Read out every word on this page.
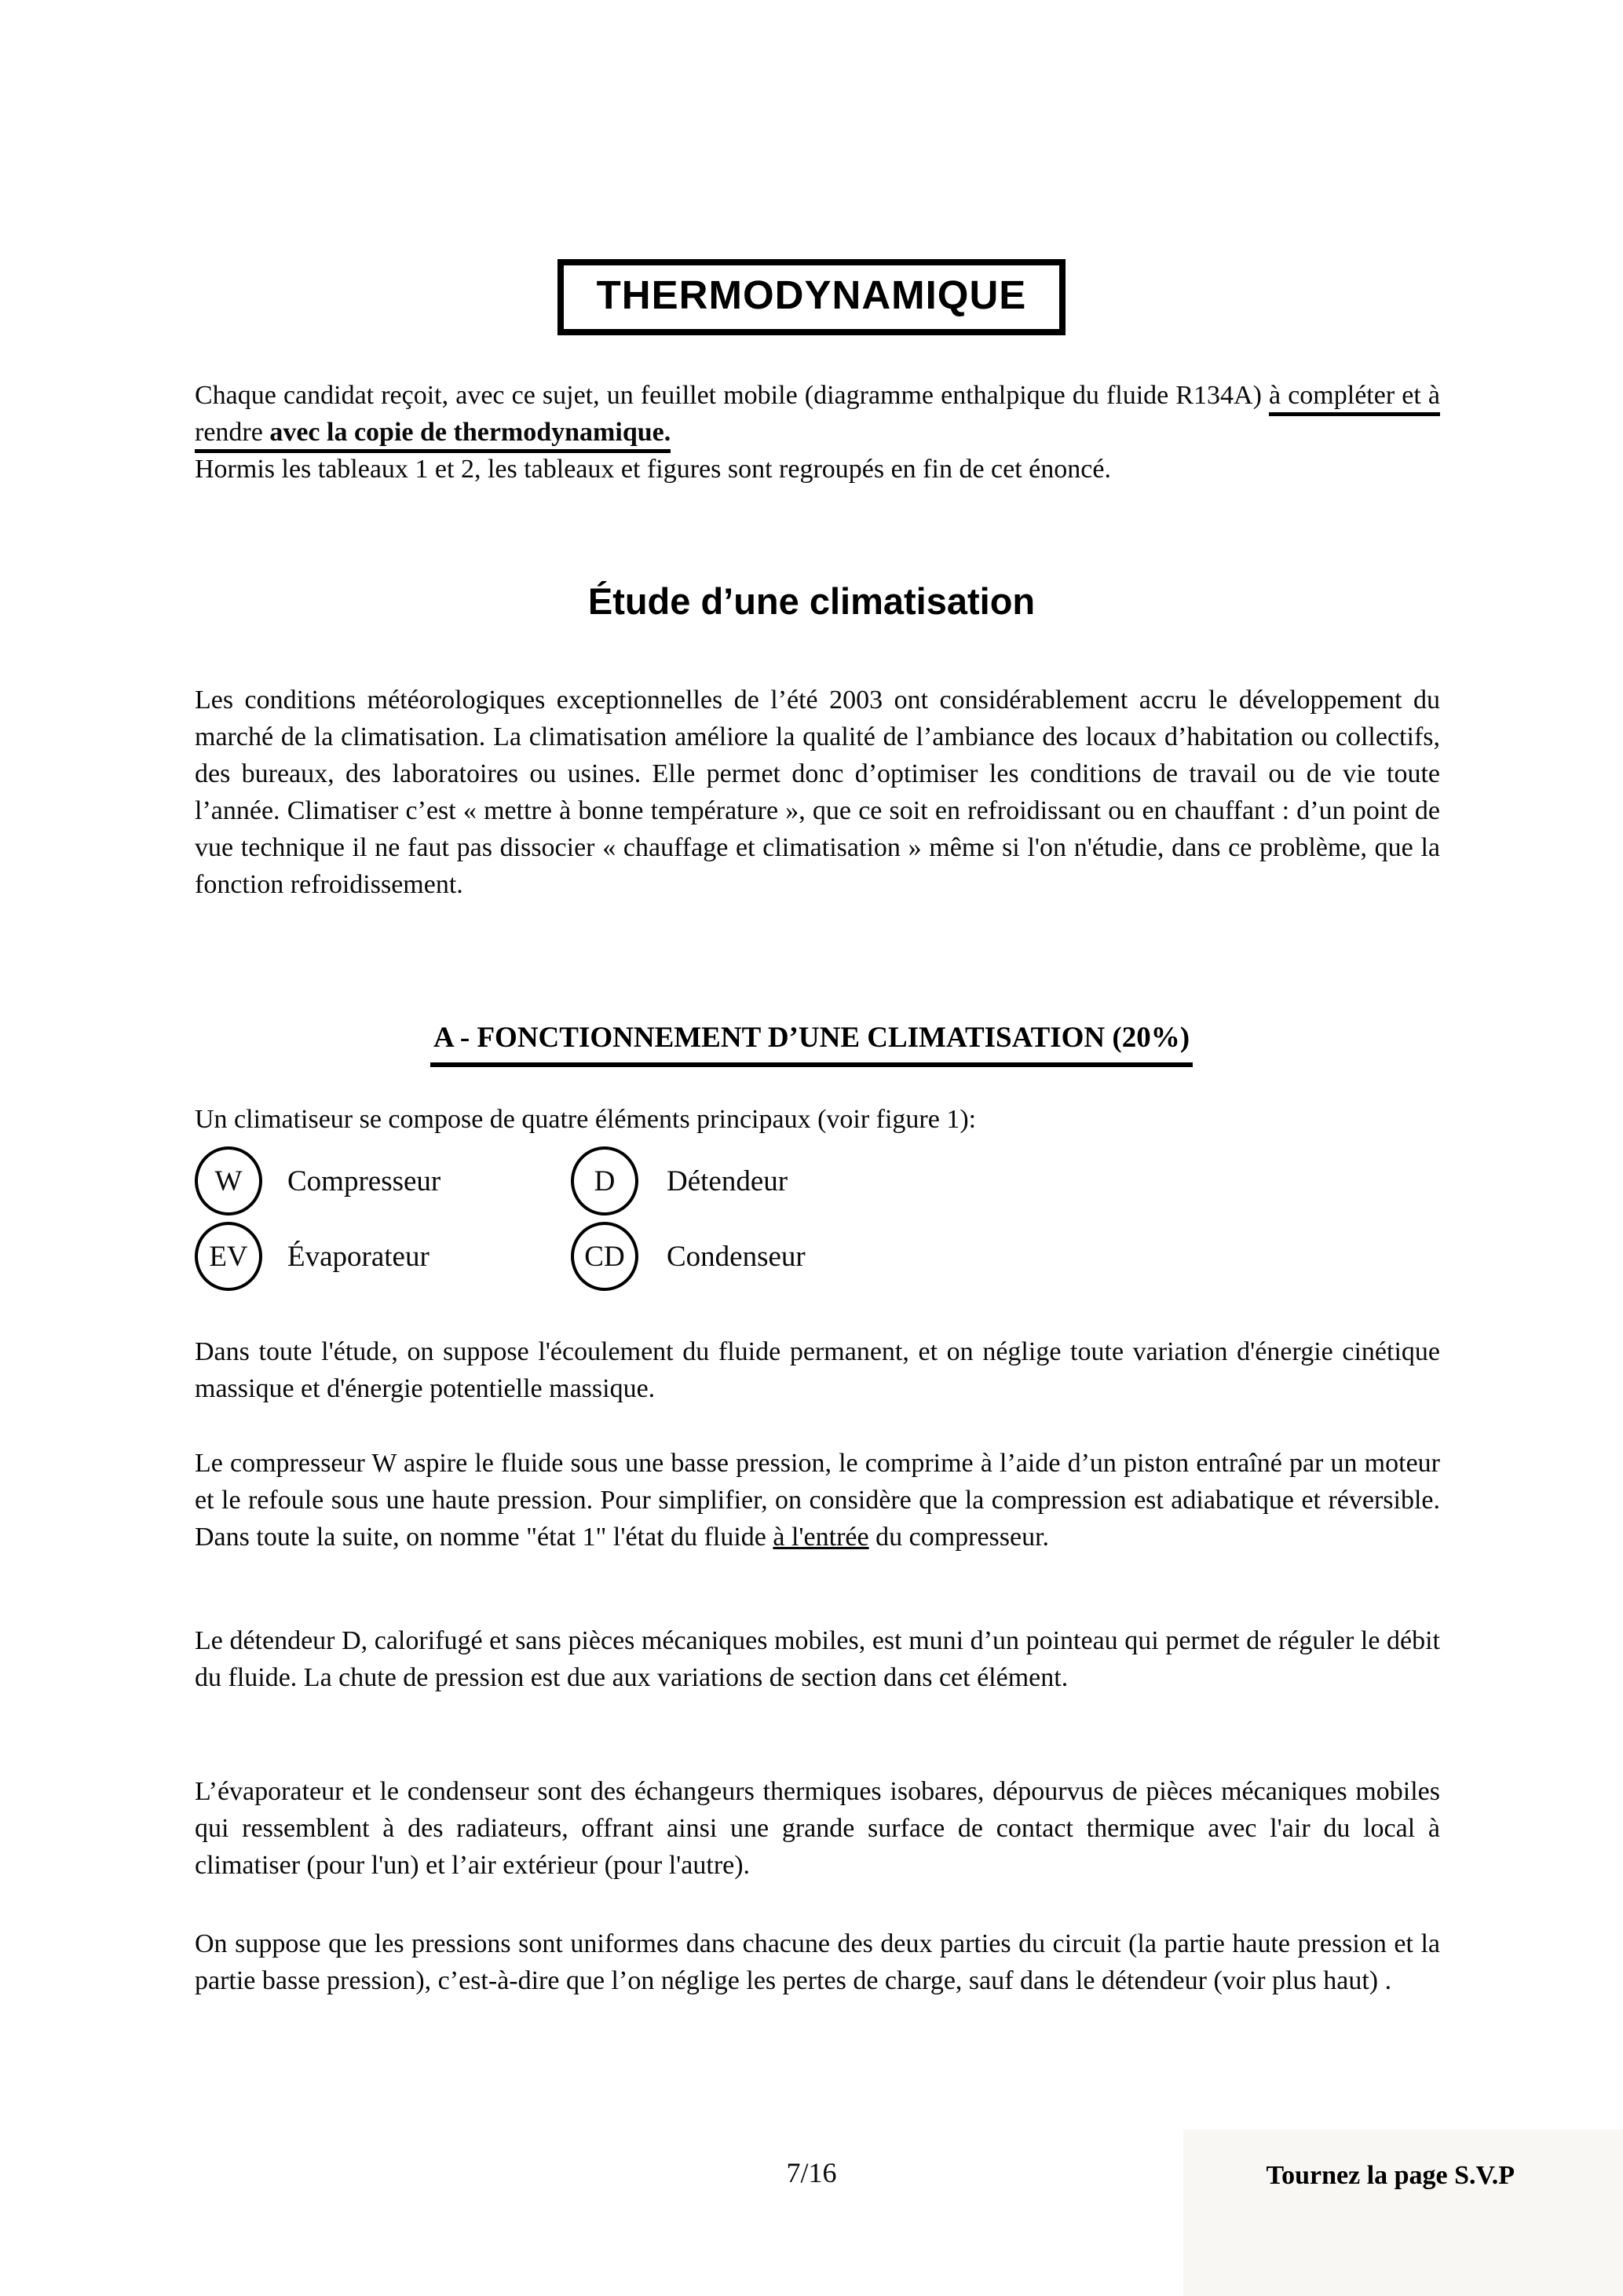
THERMODYNAMIQUE

Chaque candidat reçoit, avec ce sujet, un feuillet mobile (diagramme enthalpique du fluide R134A) à compléter et à rendre avec la copie de thermodynamique.
Hormis les tableaux 1 et 2, les tableaux et figures sont regroupés en fin de cet énoncé.

Étude d’une climatisation

Les conditions météorologiques exceptionnelles de l’été 2003 ont considérablement accru le développement du marché de la climatisation. La climatisation améliore la qualité de l’ambiance des locaux d’habitation ou collectifs, des bureaux, des laboratoires ou usines. Elle permet donc d’optimiser les conditions de travail ou de vie toute l’année. Climatiser c’est « mettre à bonne température », que ce soit en refroidissant ou en chauffant : d’un point de vue technique il ne faut pas dissocier « chauffage et climatisation » même si l'on n'étudie, dans ce problème, que la fonction refroidissement.

A - FONCTIONNEMENT D’UNE CLIMATISATION (20%)

Un climatiseur se compose de quatre éléments principaux (voir figure 1):

W	Compresseur	D	Détendeur
EV	Évaporateur	CD	Condenseur

Dans toute l'étude, on suppose l'écoulement du fluide permanent, et on néglige toute variation d'énergie cinétique massique et d'énergie potentielle massique.

Le compresseur W aspire le fluide sous une basse pression, le comprime à l’aide d’un piston entraîné par un moteur et le refoule sous une haute pression. Pour simplifier, on considère que la compression est adiabatique et réversible. Dans toute la suite, on nomme "état 1" l'état du fluide à l'entrée du compresseur.

Le détendeur D, calorifugé et sans pièces mécaniques mobiles, est muni d’un pointeau qui permet de réguler le débit du fluide. La chute de pression est due aux variations de section dans cet élément.

L’évaporateur et le condenseur sont des échangeurs thermiques isobares, dépourvus de pièces mécaniques mobiles qui ressemblent à des radiateurs, offrant ainsi une grande surface de contact thermique avec l'air du local à climatiser (pour l'un) et l’air extérieur (pour l'autre).

On suppose que les pressions sont uniformes dans chacune des deux parties du circuit (la partie haute pression et la partie basse pression), c’est-à-dire que l’on néglige les pertes de charge, sauf dans le détendeur (voir plus haut) .

7/16	Tournez la page S.V.P
